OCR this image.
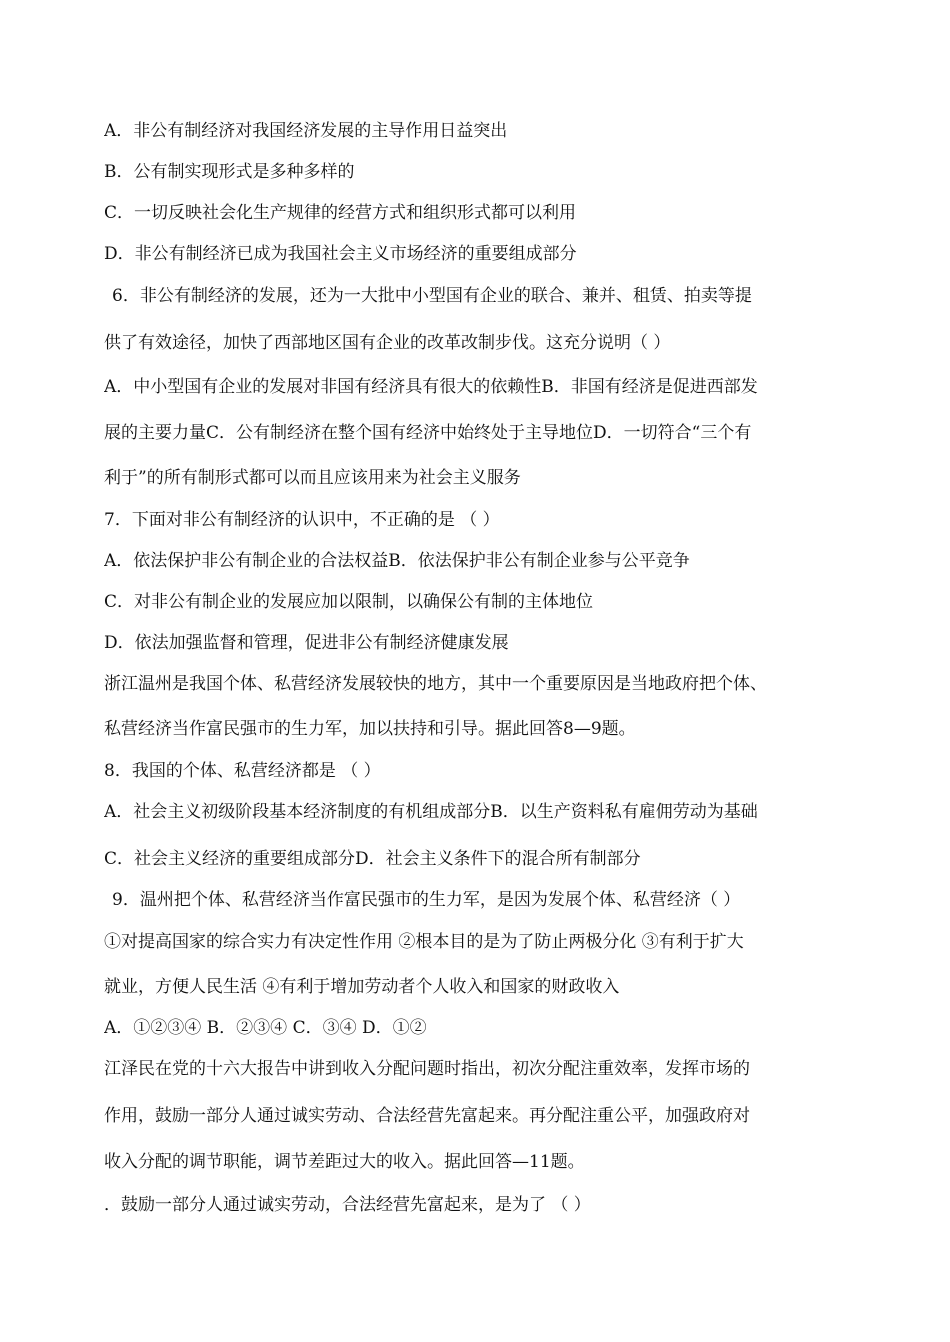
A．非公有制经济对我国经济发展的主导作用日益突出
B．公有制实现形式是多种多样的
C．一切反映社会化生产规律的经营方式和组织形式都可以利用
D．非公有制经济已成为我国社会主义市场经济的重要组成部分
6．非公有制经济的发展，还为一大批中小型国有企业的联合、兼并、租赁、拍卖等提
供了有效途径，加快了西部地区国有企业的改革改制步伐。这充分说明（ ）
A．中小型国有企业的发展对非国有经济具有很大的依赖性B．非国有经济是促进西部发
展的主要力量C．公有制经济在整个国有经济中始终处于主导地位D．一切符合“三个有
利于”的所有制形式都可以而且应该用来为社会主义服务
7．下面对非公有制经济的认识中，不正确的是 （ ）
A．依法保护非公有制企业的合法权益B．依法保护非公有制企业参与公平竞争
C．对非公有制企业的发展应加以限制，以确保公有制的主体地位
D．依法加强监督和管理，促进非公有制经济健康发展
浙江温州是我国个体、私营经济发展较快的地方，其中一个重要原因是当地政府把个体、
私营经济当作富民强市的生力军，加以扶持和引导。据此回答8—9题。
8．我国的个体、私营经济都是 （ ）
A．社会主义初级阶段基本经济制度的有机组成部分B．以生产资料私有雇佣劳动为基础
C．社会主义经济的重要组成部分D．社会主义条件下的混合所有制部分
9．温州把个体、私营经济当作富民强市的生力军，是因为发展个体、私营经济（ ）
①对提高国家的综合实力有决定性作用 ②根本目的是为了防止两极分化 ③有利于扩大
就业，方便人民生活 ④有利于增加劳动者个人收入和国家的财政收入
A．①②③④ B．②③④ C．③④ D．①②
江泽民在党的十六大报告中讲到收入分配问题时指出，初次分配注重效率，发挥市场的
作用，鼓励一部分人通过诚实劳动、合法经营先富起来。再分配注重公平，加强政府对
收入分配的调节职能，调节差距过大的收入。据此回答—11题。
．鼓励一部分人通过诚实劳动，合法经营先富起来，是为了 （ ）
